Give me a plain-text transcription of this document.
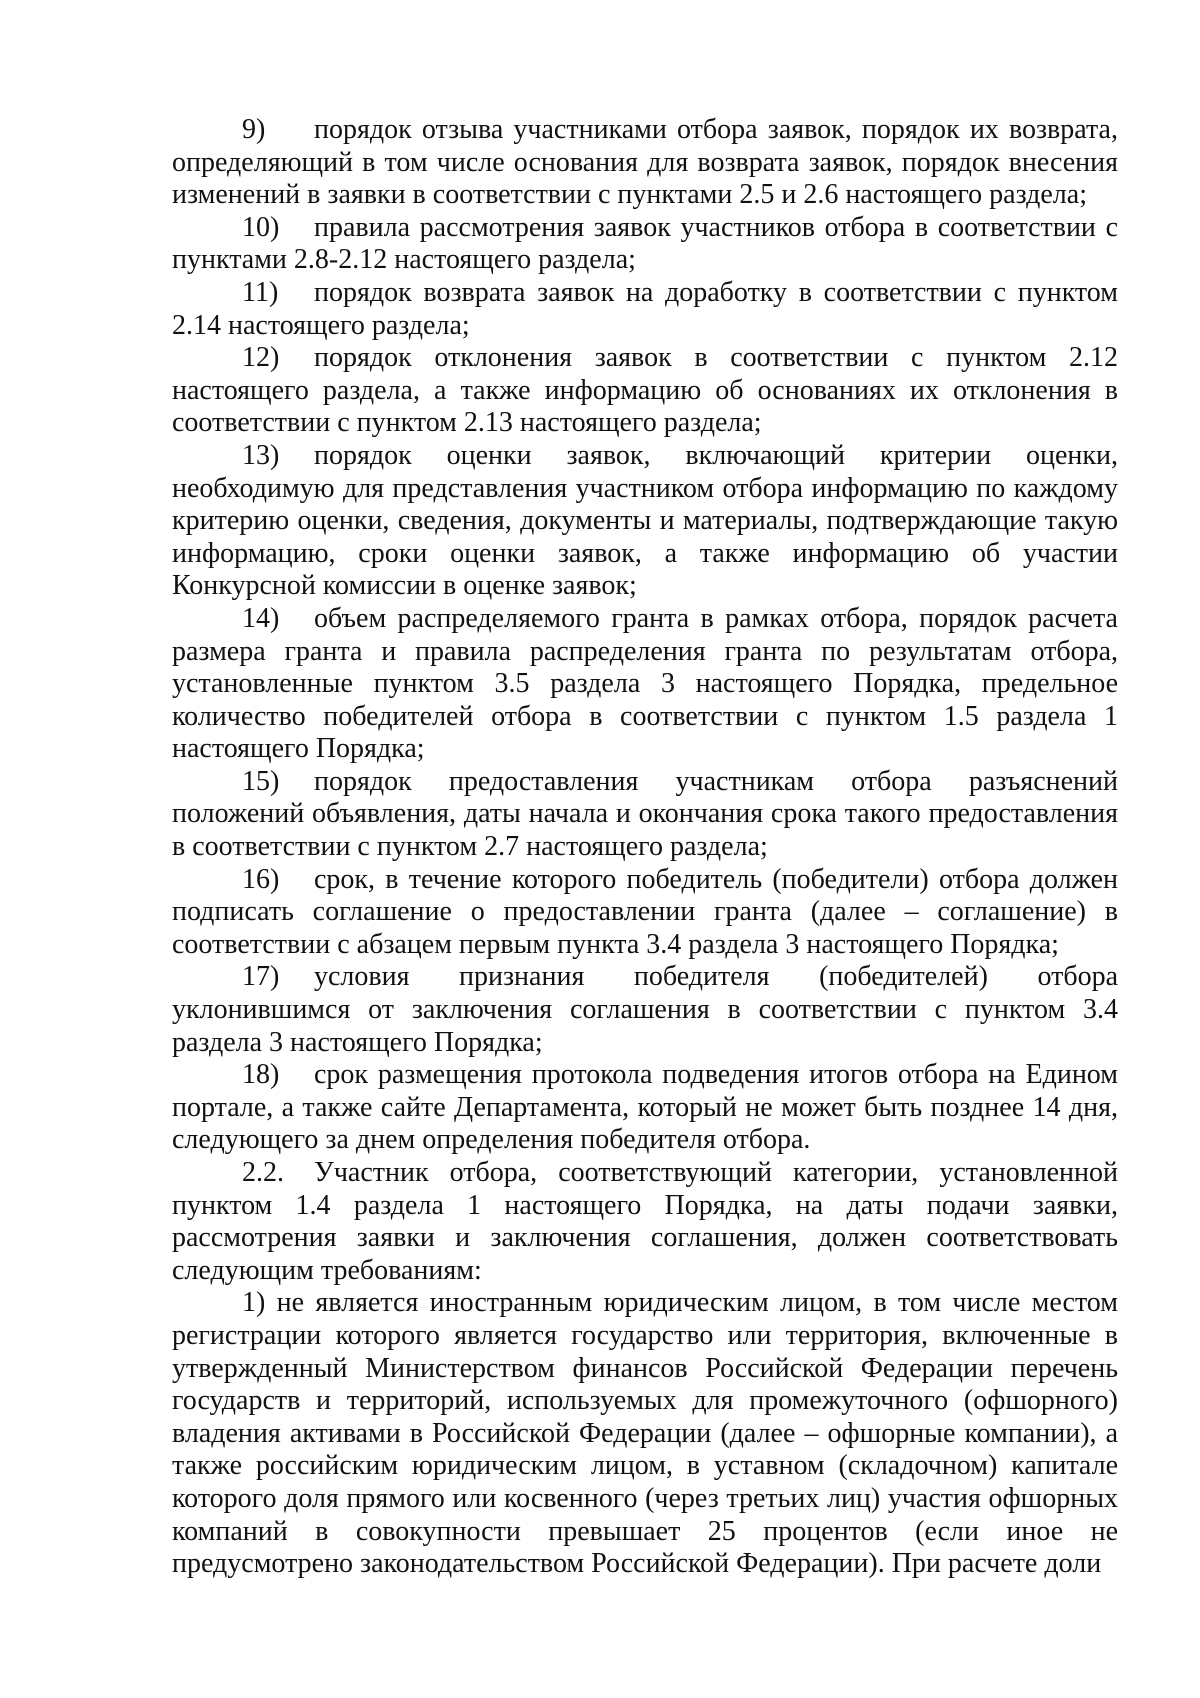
9) порядок отзыва участниками отбора заявок, порядок их возврата, определяющий в том числе основания для возврата заявок, порядок внесения изменений в заявки в соответствии с пунктами 2.5 и 2.6 настоящего раздела;

10) правила рассмотрения заявок участников отбора в соответствии с пунктами 2.8-2.12 настоящего раздела;

11) порядок возврата заявок на доработку в соответствии с пунктом 2.14 настоящего раздела;

12) порядок отклонения заявок в соответствии с пунктом 2.12 настоящего раздела, а также информацию об основаниях их отклонения в соответствии с пунктом 2.13 настоящего раздела;

13) порядок оценки заявок, включающий критерии оценки, необходимую для представления участником отбора информацию по каждому критерию оценки, сведения, документы и материалы, подтверждающие такую информацию, сроки оценки заявок, а также информацию об участии Конкурсной комиссии в оценке заявок;

14) объем распределяемого гранта в рамках отбора, порядок расчета размера гранта и правила распределения гранта по результатам отбора, установленные пунктом 3.5 раздела 3 настоящего Порядка, предельное количество победителей отбора в соответствии с пунктом 1.5 раздела 1 настоящего Порядка;

15) порядок предоставления участникам отбора разъяснений положений объявления, даты начала и окончания срока такого предоставления в соответствии с пунктом 2.7 настоящего раздела;

16) срок, в течение которого победитель (победители) отбора должен подписать соглашение о предоставлении гранта (далее – соглашение) в соответствии с абзацем первым пункта 3.4 раздела 3 настоящего Порядка;

17) условия признания победителя (победителей) отбора уклонившимся от заключения соглашения в соответствии с пунктом 3.4 раздела 3 настоящего Порядка;

18) срок размещения протокола подведения итогов отбора на Едином портале, а также сайте Департамента, который не может быть позднее 14 дня, следующего за днем определения победителя отбора.

2.2. Участник отбора, соответствующий категории, установленной пунктом 1.4 раздела 1 настоящего Порядка, на даты подачи заявки, рассмотрения заявки и заключения соглашения, должен соответствовать следующим требованиям:

1) не является иностранным юридическим лицом, в том числе местом регистрации которого является государство или территория, включенные в утвержденный Министерством финансов Российской Федерации перечень государств и территорий, используемых для промежуточного (офшорного) владения активами в Российской Федерации (далее – офшорные компании), а также российским юридическим лицом, в уставном (складочном) капитале которого доля прямого или косвенного (через третьих лиц) участия офшорных компаний в совокупности превышает 25 процентов (если иное не предусмотрено законодательством Российской Федерации). При расчете доли
